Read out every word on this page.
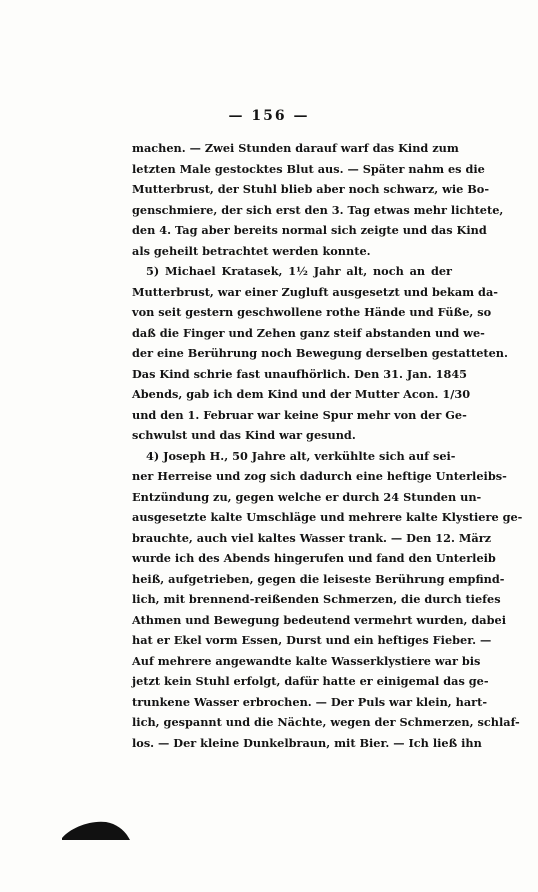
— 156 —
machen. — Zwei Stunden darauf warf das Kind zum
letzten Male gestocktes Blut aus. — Später nahm es die
Mutterbrust, der Stuhl blieb aber noch schwarz, wie Bo-
genschmiere, der sich erst den 3. Tag etwas mehr lichtete,
den 4. Tag aber bereits normal sich zeigte und das Kind
als geheilt betrachtet werden konnte.
5) Michael Kratasek, 1½ Jahr alt, noch an der
Mutterbrust, war einer Zugluft ausgesetzt und bekam da-
von seit gestern geschwollene rothe Hände und Füße, so
daß die Finger und Zehen ganz steif abstanden und we-
der eine Berührung noch Bewegung derselben gestatteten.
Das Kind schrie fast unaufhörlich. Den 31. Jan. 1845
Abends, gab ich dem Kind und der Mutter Acon. 1/30
und den 1. Februar war keine Spur mehr von der Ge-
schwulst und das Kind war gesund.
4) Joseph H., 50 Jahre alt, verkühlte sich auf sei-
ner Herreise und zog sich dadurch eine heftige Unterleibs-
Entzündung zu, gegen welche er durch 24 Stunden un-
ausgesetzte kalte Umschläge und mehrere kalte Klystiere ge-
brauchte, auch viel kaltes Wasser trank. — Den 12. März
wurde ich des Abends hingerufen und fand den Unterleib
heiß, aufgetrieben, gegen die leiseste Berührung empfind-
lich, mit brennend-reißenden Schmerzen, die durch tiefes
Athmen und Bewegung bedeutend vermehrt wurden, dabei
hat er Ekel vorm Essen, Durst und ein heftiges Fieber. —
Auf mehrere angewandte kalte Wasserklystiere war bis
jetzt kein Stuhl erfolgt, dafür hatte er einigemal das ge-
trunkene Wasser erbrochen. — Der Puls war klein, hart-
lich, gespannt und die Nächte, wegen der Schmerzen, schlaf-
los. — Der kleine Dunkelbraun, mit Bier. — Ich ließ ihn
